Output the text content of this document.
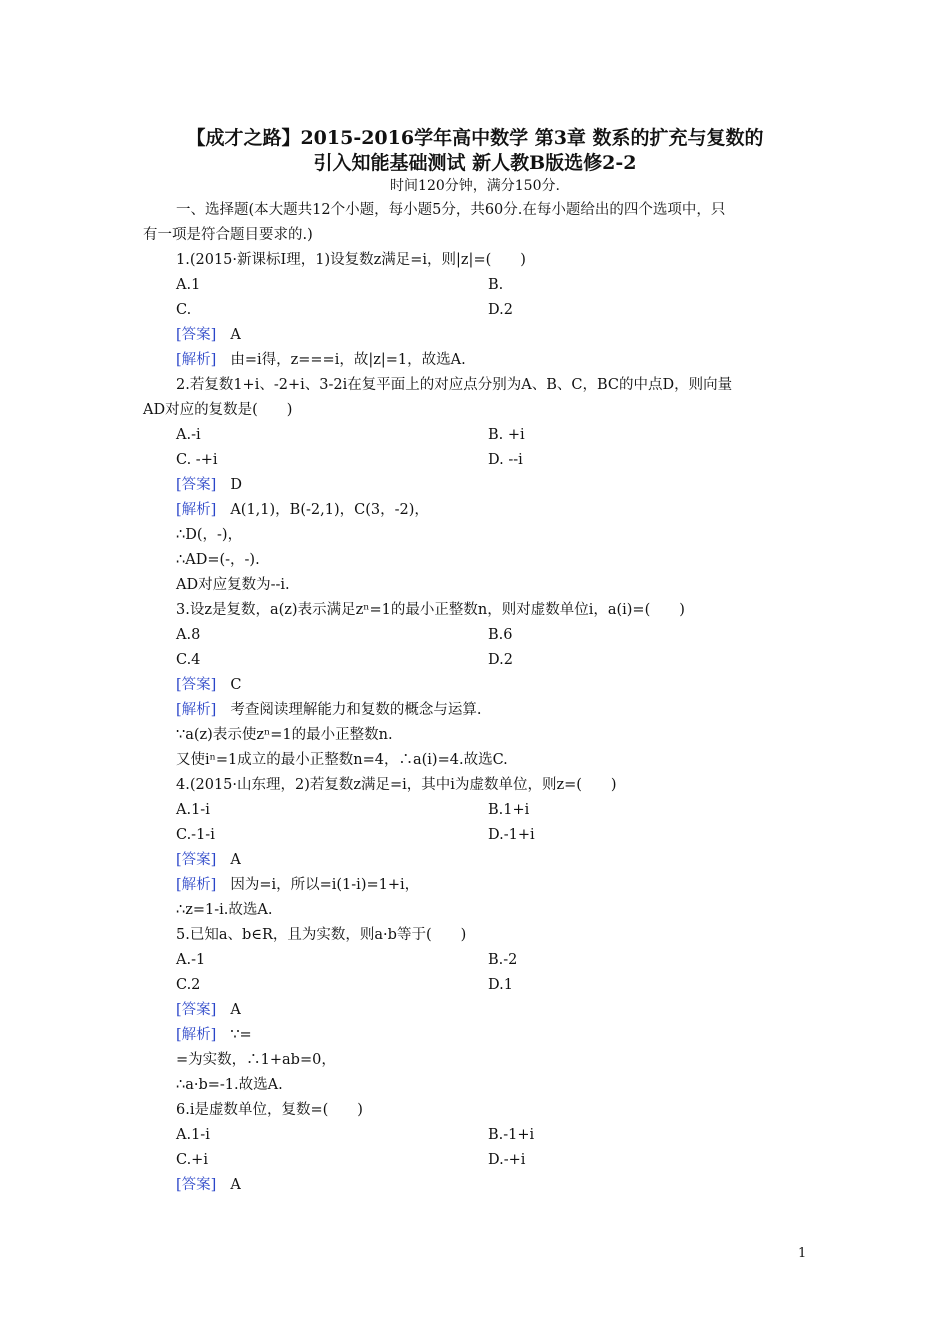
【成才之路】2015-2016学年高中数学 第3章 数系的扩充与复数的
引入知能基础测试 新人教B版选修2-2
时间120分钟，满分150分.
一、选择题(本大题共12个小题，每小题5分，共60分.在每小题给出的四个选项中，只
有一项是符合题目要求的.)
1.(2015·新课标Ⅰ理，1)设复数z满足=i，则|z|=(　　)
A.1	B.
C.	D.2
[答案] A
[解析] 由=i得，z===i，故|z|=1，故选A.
2.若复数1+i、-2+i、3-2i在复平面上的对应点分别为A、B、C，BC的中点D，则向量
AD对应的复数是(　　)
A.-i	B. +i
C. -+i	D. --i
[答案] D
[解析] A(1,1)，B(-2,1)，C(3，-2)，
∴D(，-)，
∴AD=(-，-).
AD对应复数为--i.
3.设z是复数，a(z)表示满足zⁿ=1的最小正整数n，则对虚数单位i，a(i)=(　　)
A.8	B.6
C.4	D.2
[答案] C
[解析] 考查阅读理解能力和复数的概念与运算.
∵a(z)表示使zⁿ=1的最小正整数n.
又使iⁿ=1成立的最小正整数n=4，∴a(i)=4.故选C.
4.(2015·山东理，2)若复数z满足=i，其中i为虚数单位，则z=(　　)
A.1-i	B.1+i
C.-1-i	D.-1+i
[答案] A
[解析] 因为=i，所以=i(1-i)=1+i，
∴z=1-i.故选A.
5.已知a、b∈R，且为实数，则a·b等于(　　)
A.-1	B.-2
C.2	D.1
[答案] A
[解析] ∵=
=为实数，∴1+ab=0，
∴a·b=-1.故选A.
6.i是虚数单位，复数=(　　)
A.1-i	B.-1+i
C.+i	D.-+i
[答案] A
1
